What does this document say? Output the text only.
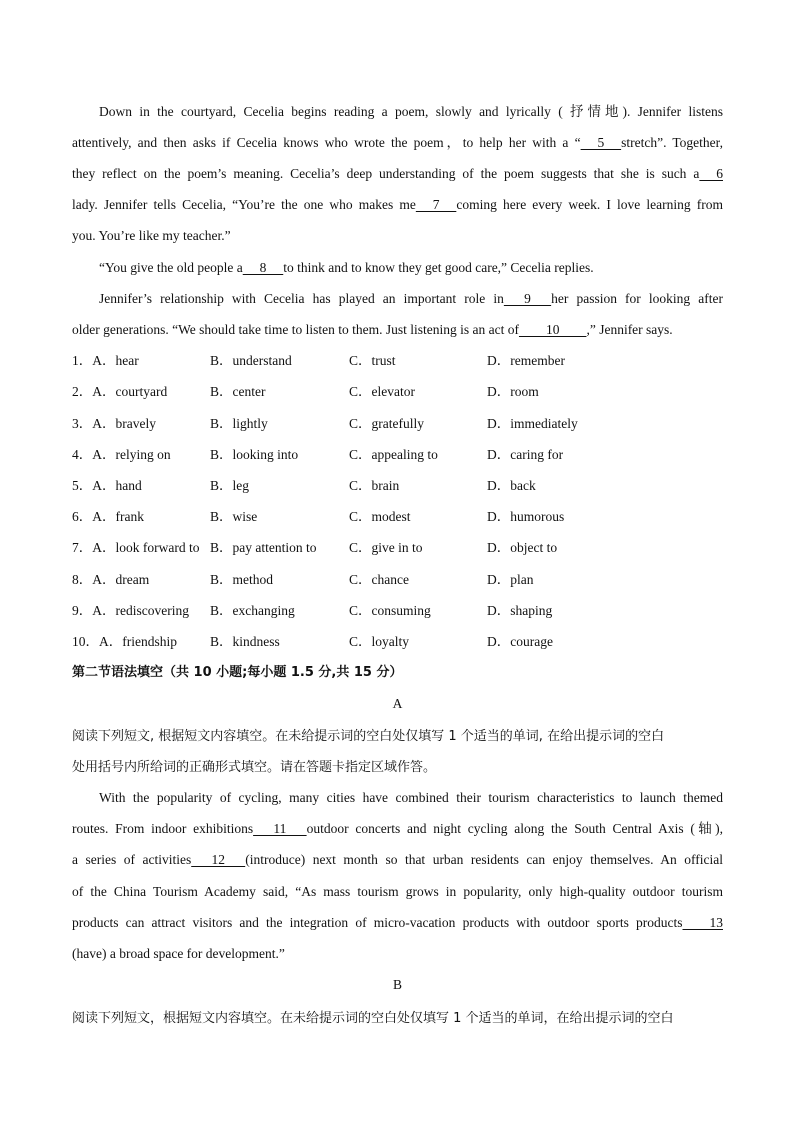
Down in the courtyard, Cecelia begins reading a poem, slowly and lyrically ( 抒情地). Jennifer listens
attentively, and then asks if Cecelia knows who wrote the poem，to help her with a “     5     stretch”. Together,
they reflect on the poem’s meaning. Cecelia’s deep understanding of the poem suggests that she is such a     6
lady. Jennifer tells Cecelia, “You’re the one who makes me     7     coming here every week. I love learning from
you. You’re like my teacher.”
“You give the old people a     8     to think and to know they get good care,” Cecelia replies.
Jennifer’s relationship with Cecelia has played an important role in      9      her passion for looking after
older generations. “We should take time to listen to them. Just listening is an act of        10        ,” Jennifer says.
1．A．hear	B．understand	C．trust	D．remember
2．A．courtyard	B．center	C．elevator	D．room
3．A．bravely	B．lightly	C．gratefully	D．immediately
4．A．relying on	B．looking into	C．appealing to	D．caring for
5．A．hand	B．leg	C．brain	D．back
6．A．frank	B．wise	C．modest	D．humorous
7．A．look forward to B．pay attention to C．give in to	D．object to
8．A．dream	B．method	C．chance	D．plan
9．A．rediscovering B．exchanging	C．consuming	D．shaping
10．A．friendship B．kindness	C．loyalty	D．courage
第二节语法填空（共 10 小题;每小题 1.5 分,共 15 分）
A
阅读下列短文, 根据短文内容填空。在未给提示词的空白处仅填写 1 个适当的单词, 在给出提示词的空白
处用括号内所给词的正确形式填空。请在答题卡指定区域作答。
With the popularity of cycling, many cities have combined their tourism characteristics to launch themed
routes. From indoor exhibitions      11      outdoor concerts and night cycling along the South Central Axis (轴),
a series of activities      12      (introduce) next month so that urban residents can enjoy themselves. An official
of the China Tourism Academy said, “As mass tourism grows in popularity, only high-quality outdoor tourism
products can attract visitors and the integration of micro-vacation products with outdoor sports products        13
(have) a broad space for development.”
B
阅读下列短文，根据短文内容填空。在未给提示词的空白处仅填写 1 个适当的单词，在给出提示词的空白
